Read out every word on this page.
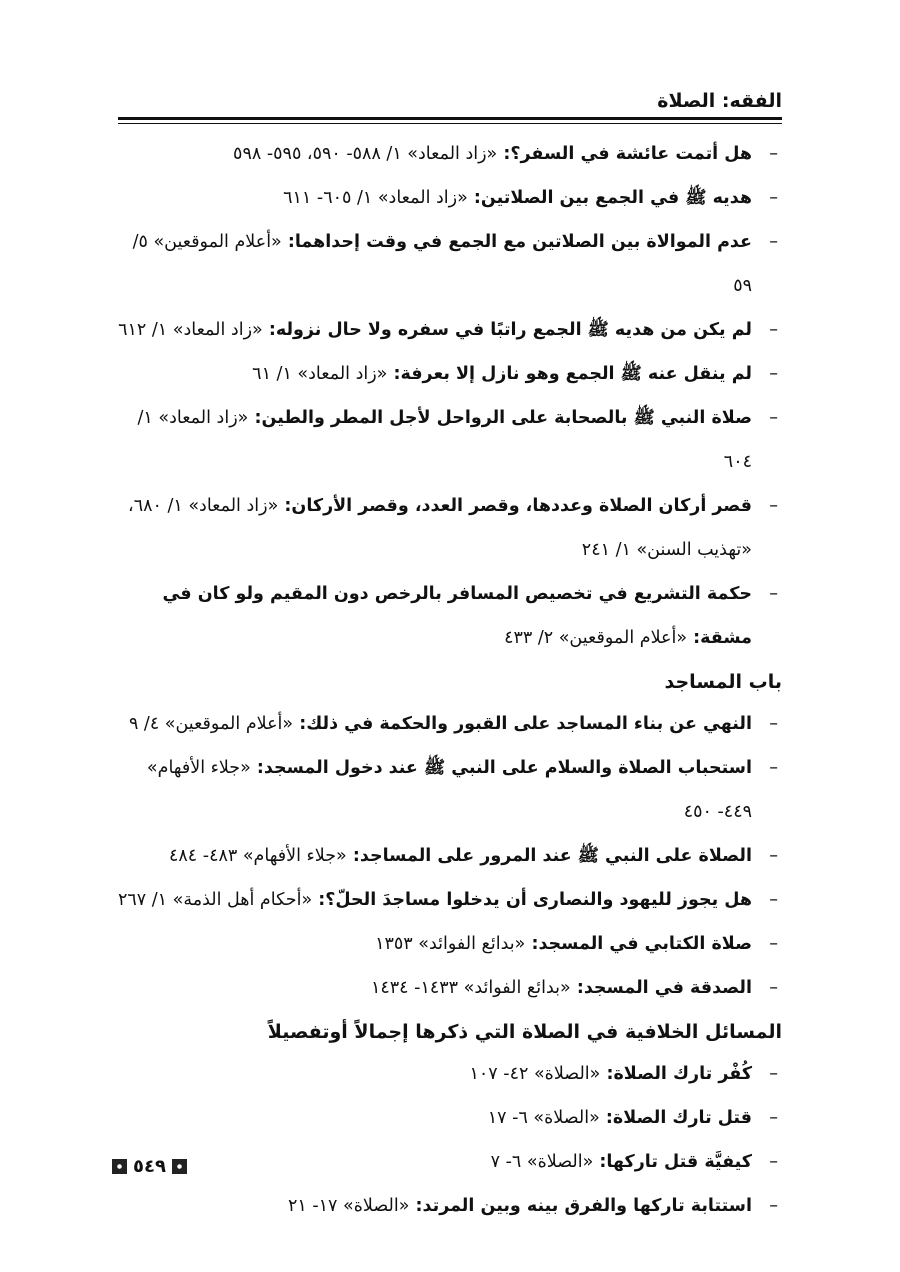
الفقه: الصلاة
–
هل أتمت عائشة في السفر؟: «زاد المعاد» ١/ ٥٨٨- ٥٩٠، ٥٩٥- ٥٩٨
–
هديه ﷺ في الجمع بين الصلاتين: «زاد المعاد» ١/ ٦٠٥- ٦١١
–
عدم الموالاة بين الصلاتين مع الجمع في وقت إحداهما: «أعلام الموقعين» ٥/ ٥٩
–
لم يكن من هديه ﷺ الجمع راتبًا في سفره ولا حال نزوله: «زاد المعاد» ١/ ٦١٢
–
لم ينقل عنه ﷺ الجمع وهو نازل إلا بعرفة: «زاد المعاد» ١/ ٦١
–
صلاة النبي ﷺ بالصحابة على الرواحل لأجل المطر والطين: «زاد المعاد» ١/ ٦٠٤
–
قصر أركان الصلاة وعددها، وقصر العدد، وقصر الأركان: «زاد المعاد» ١/ ٦٨٠، «تهذيب السنن» ١/ ٢٤١
–
حكمة التشريع في تخصيص المسافر بالرخص دون المقيم ولو كان في مشقة: «أعلام الموقعين» ٢/ ٤٣٣
باب المساجد
–
النهي عن بناء المساجد على القبور والحكمة في ذلك: «أعلام الموقعين» ٤/ ٩
–
استحباب الصلاة والسلام على النبي ﷺ عند دخول المسجد: «جلاء الأفهام» ٤٤٩- ٤٥٠
–
الصلاة على النبي ﷺ عند المرور على المساجد: «جلاء الأفهام» ٤٨٣- ٤٨٤
–
هل يجوز لليهود والنصارى أن يدخلوا مساجدَ الحلّ؟: «أحكام أهل الذمة» ١/ ٢٦٧
–
صلاة الكتابي في المسجد: «بدائع الفوائد» ١٣٥٣
–
الصدقة في المسجد: «بدائع الفوائد» ١٤٣٣- ١٤٣٤
المسائل الخلافية في الصلاة التي ذكرها إجمالاً أوتفصيلاً
–
كُفْر تارك الصلاة: «الصلاة» ٤٢- ١٠٧
–
قتل تارك الصلاة: «الصلاة» ٦- ١٧
–
كيفيَّة قتل تاركها: «الصلاة» ٦- ٧
–
استتابة تاركها والفرق بينه وبين المرتد: «الصلاة» ١٧- ٢١
٥٤٩
